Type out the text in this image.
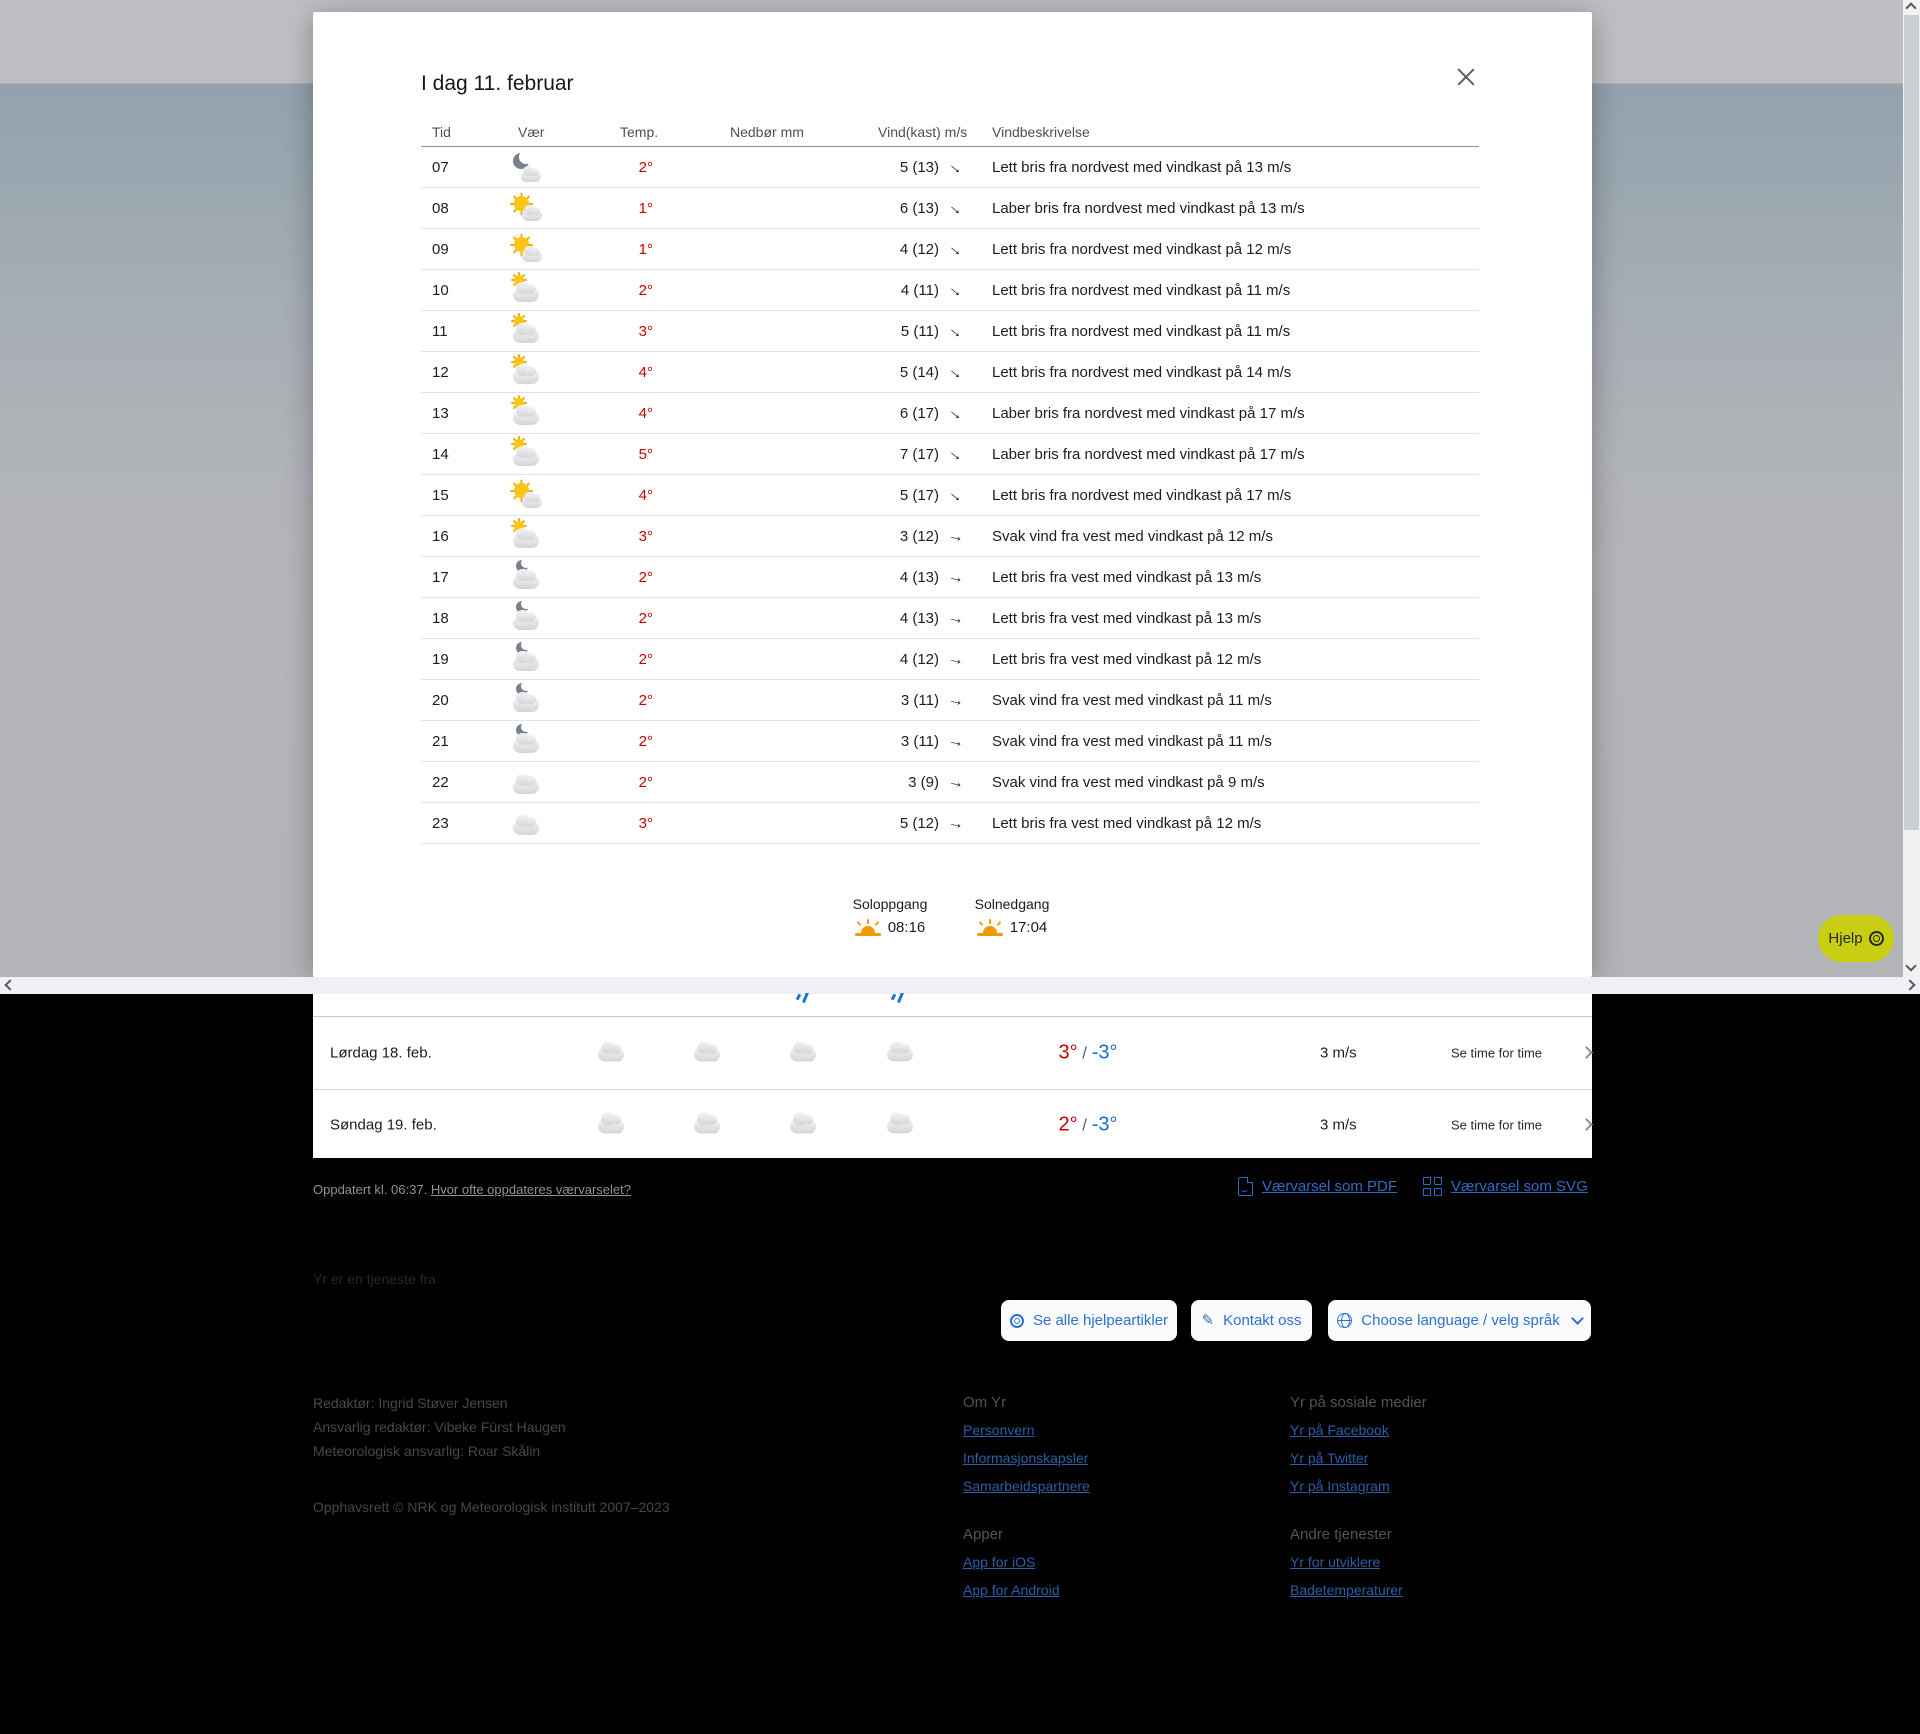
I dag 11. februar
Tid	Vær	Temp.	Nedbør mm	Vind(kast) m/s Vindbeskrivelse
07	2°	5 (13) → Lett bris fra nordvest med vindkast på 13 m/s
08	1°	6 (13) → Laber bris fra nordvest med vindkast på 13 m/s
09	1°	4 (12) → Lett bris fra nordvest med vindkast på 12 m/s
10	2°	4 (11) → Lett bris fra nordvest med vindkast på 11 m/s
11	3°	5 (11) → Lett bris fra nordvest med vindkast på 11 m/s
12	4°	5 (14) → Lett bris fra nordvest med vindkast på 14 m/s
13	4°	6 (17) → Laber bris fra nordvest med vindkast på 17 m/s
14	5°	7 (17) → Laber bris fra nordvest med vindkast på 17 m/s
15	4°	5 (17) → Lett bris fra nordvest med vindkast på 17 m/s
16	3°	3 (12) → Svak vind fra vest med vindkast på 12 m/s
17	2°	4 (13) → Lett bris fra vest med vindkast på 13 m/s
18	2°	4 (13) → Lett bris fra vest med vindkast på 13 m/s
19	2°	4 (12) → Lett bris fra vest med vindkast på 12 m/s
20	2°	3 (11) → Svak vind fra vest med vindkast på 11 m/s
21	2°	3 (11) → Svak vind fra vest med vindkast på 11 m/s
22	2°	3 (9) → Svak vind fra vest med vindkast på 9 m/s
23	3°	5 (12) → Lett bris fra vest med vindkast på 12 m/s
Soloppgang
08:16
Solnedgang
17:04
Hjelp
Lørdag 18. feb.	3° / -3°	3 m/s	Se time for time
Søndag 19. feb.	2° / -3°	3 m/s	Se time for time
Oppdatert kl. 06:37. Hvor ofte oppdateres værvarselet?	Værvarsel som PDF	Værvarsel som SVG
Yr er en tjeneste fra
Se alle hjelpeartikler ✎ Kontakt oss	Choose language / velg språk
Redaktør: Ingrid Støver Jensen
Ansvarlig redaktør: Vibeke Fürst Haugen
Meteorologisk ansvarlig: Roar Skålin
Opphavsrett © NRK og Meteorologisk institutt 2007–2023
Om Yr
Personvern
Informasjonskapsler
Samarbeidspartnere
Apper
App for iOS
App for Android
Yr på sosiale medier
Yr på Facebook
Yr på Twitter
Yr på Instagram
Andre tjenester
Yr for utviklere
Badetemperaturer
